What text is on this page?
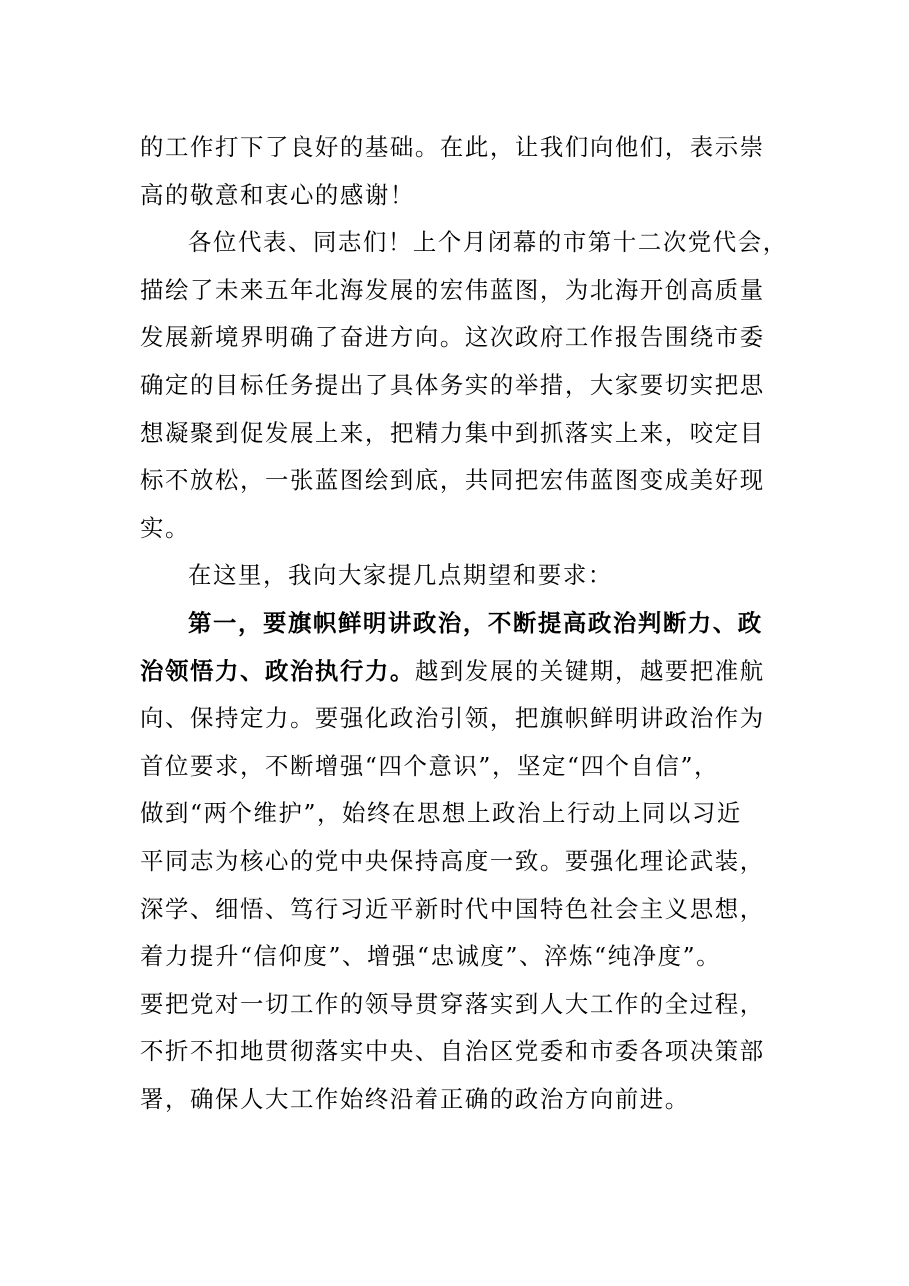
的工作打下了良好的基础。在此，让我们向他们，表示崇
高的敬意和衷心的感谢！
各位代表、同志们！上个月闭幕的市第十二次党代会，
描绘了未来五年北海发展的宏伟蓝图，为北海开创高质量
发展新境界明确了奋进方向。这次政府工作报告围绕市委
确定的目标任务提出了具体务实的举措，大家要切实把思
想凝聚到促发展上来，把精力集中到抓落实上来，咬定目
标不放松，一张蓝图绘到底，共同把宏伟蓝图变成美好现
实。
在这里，我向大家提几点期望和要求：
第一，要旗帜鲜明讲政治，不断提高政治判断力、政
治领悟力、政治执行力。越到发展的关键期，越要把准航
向、保持定力。要强化政治引领，把旗帜鲜明讲政治作为
首位要求，不断增强“四个意识”，坚定“四个自信”，
做到“两个维护”，始终在思想上政治上行动上同以习近
平同志为核心的党中央保持高度一致。要强化理论武装，
深学、细悟、笃行习近平新时代中国特色社会主义思想，
着力提升“信仰度”、增强“忠诚度”、淬炼“纯净度”。
要把党对一切工作的领导贯穿落实到人大工作的全过程，
不折不扣地贯彻落实中央、自治区党委和市委各项决策部
署，确保人大工作始终沿着正确的政治方向前进。
